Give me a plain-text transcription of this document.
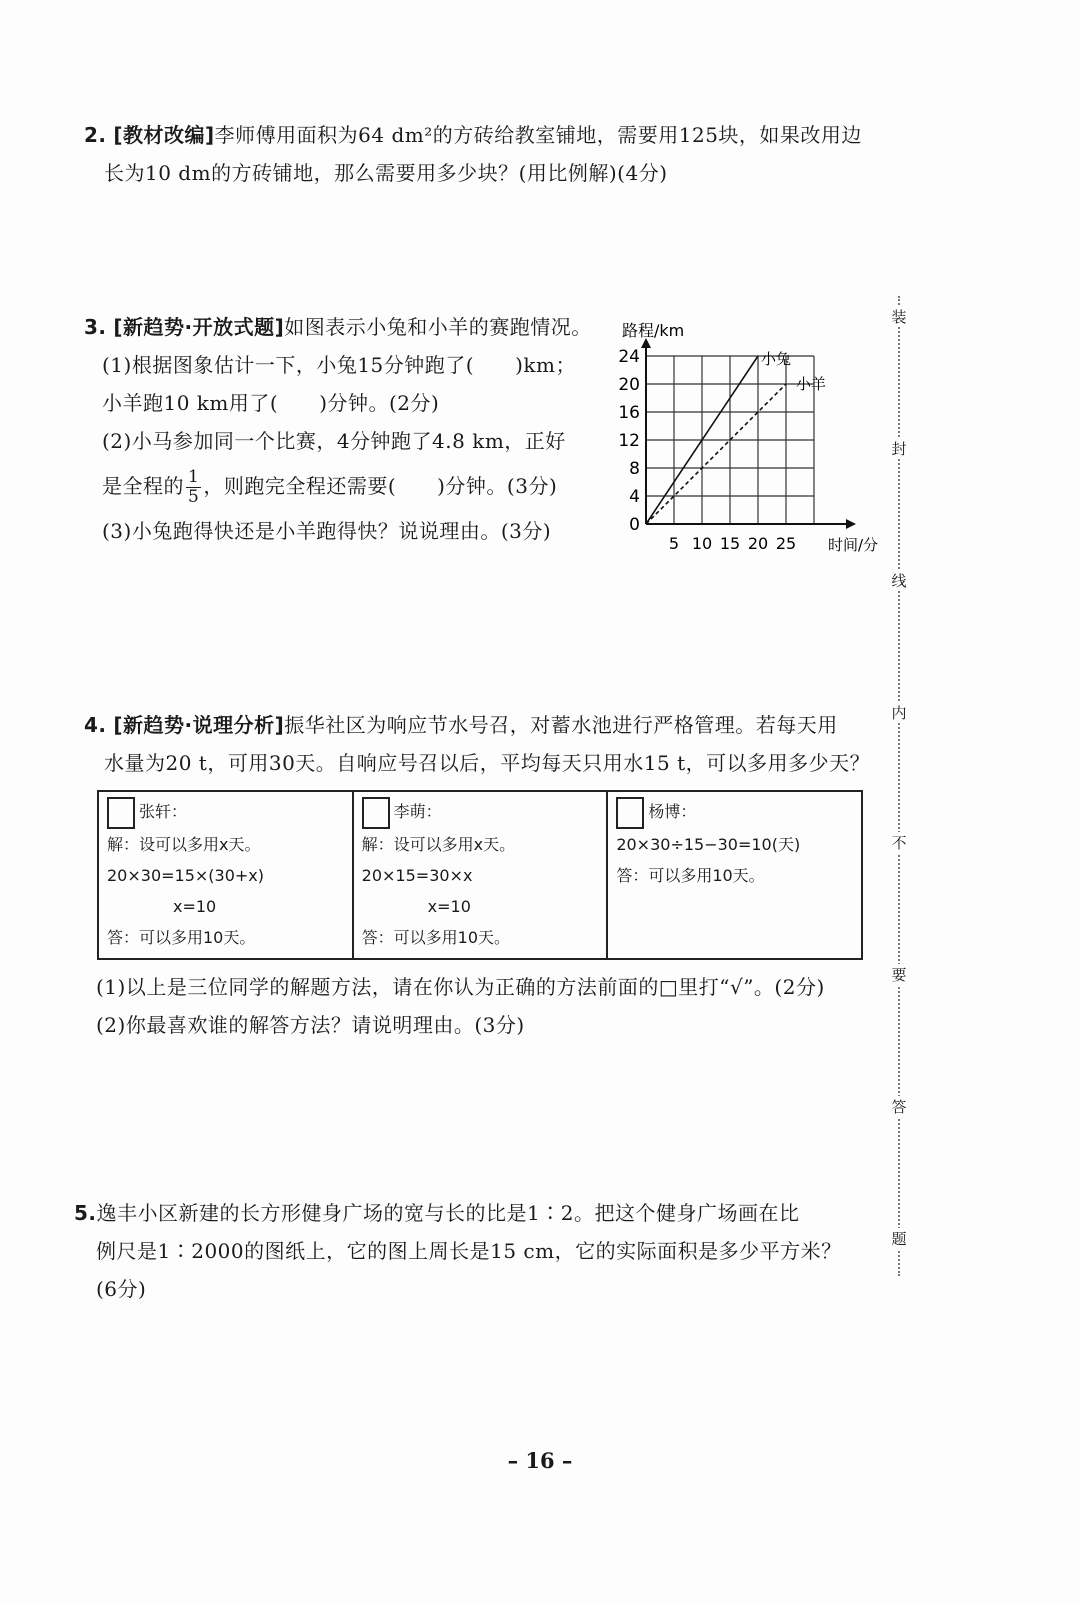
2. [教材改编]李师傅用面积为64 dm²的方砖给教室铺地，需要用125块，如果改用边
长为10 dm的方砖铺地，那么需要用多少块？(用比例解)(4分)
3. [新趋势·开放式题]如图表示小兔和小羊的赛跑情况。
(1)根据图象估计一下，小兔15分钟跑了(　　)km；
小羊跑10 km用了(　　)分钟。(2分)
(2)小马参加同一个比赛，4分钟跑了4.8 km，正好
是全程的 $\frac{1}{5}$ ，则跑完全程还需要(　　)分钟。(3分)
(3)小兔跑得快还是小羊跑得快？说说理由。(3分)	0
4
8
12
16
20
24
5 10 15 20 25
路程/km
时间/分
小兔
小羊
4. [新趋势·说理分析]振华社区为响应节水号召，对蓄水池进行严格管理。若每天用
水量为20 t，可用30天。自响应号召以后，平均每天只用水15 t，可以多用多少天？
张轩：
解：设可以多用x天。
20×30=15×(30+x)
x=10
答：可以多用10天。

李萌：
解：设可以多用x天。
20×15=30×x
x=10
答：可以多用10天。

杨博：
20×30÷15−30=10(天)
答：可以多用10天。
(1)以上是三位同学的解题方法，请在你认为正确的方法前面的□里打“√”。(2分)
(2)你最喜欢谁的解答方法？请说明理由。(3分)
5.逸丰小区新建的长方形健身广场的宽与长的比是1∶2。把这个健身广场画在比
例尺是1∶2000的图纸上，它的图上周长是15 cm，它的实际面积是多少平方米？
(6分)
装
封
线
内
不
要
答
题
– 16 –
